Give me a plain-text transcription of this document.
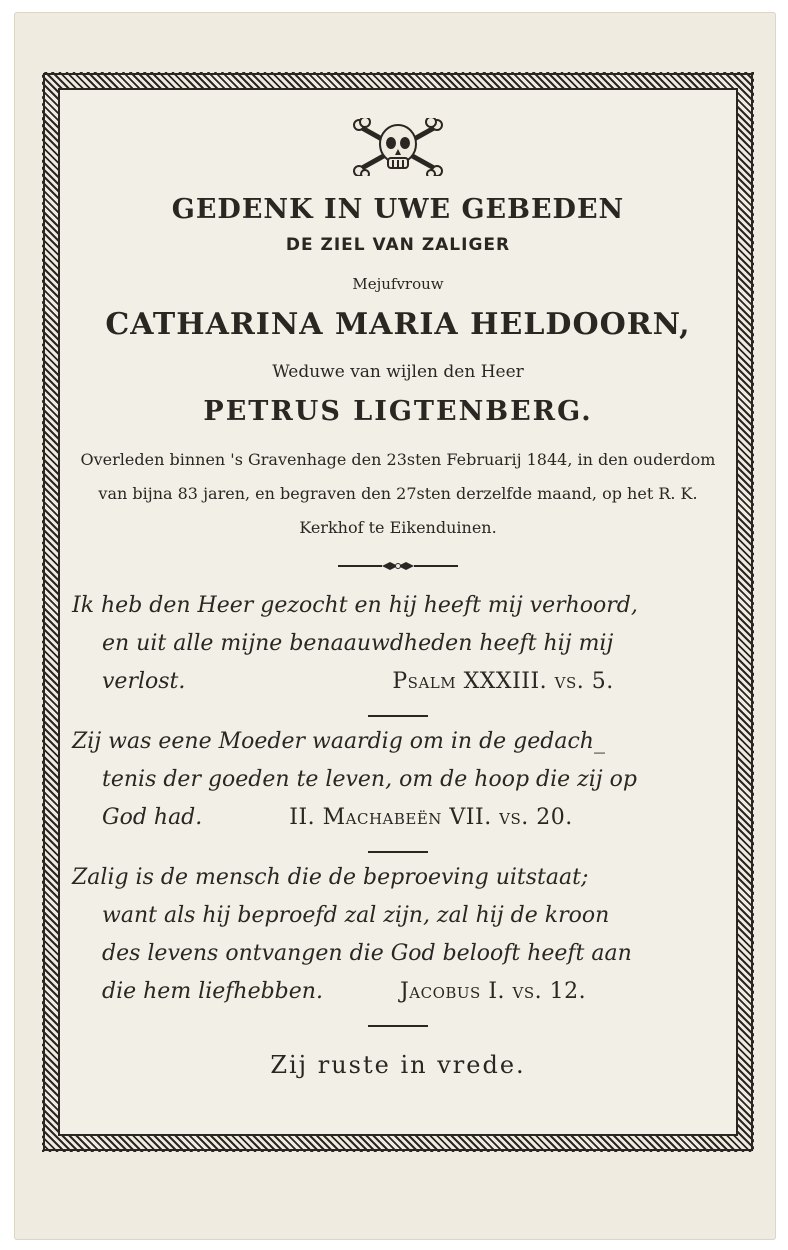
GEDENK IN UWE GEBEDEN
DE ZIEL VAN ZALIGER
Mejufvrouw
CATHARINA MARIA HELDOORN,
Weduwe van wijlen den Heer
PETRUS LIGTENBERG.
Overleden binnen 's Gravenhage den 23sten Februarij 1844, in den ouderdom van bijna 83 jaren, en begraven den 27sten derzelfde maand, op het R. K. Kerkhof te Eikenduinen.
Ik heb den Heer gezocht en hij heeft mij verhoord,
en uit alle mijne benaauwdheden heeft hij mij
verlost.	Psalm XXXIII. vs. 5.
Zij was eene Moeder waardig om in de gedach_
tenis der goeden te leven, om de hoop die zij op
God had.	II. Machabeën VII. vs. 20.
Zalig is de mensch die de beproeving uitstaat;
want als hij beproefd zal zijn, zal hij de kroon
des levens ontvangen die God belooft heeft aan
die hem liefhebben.	Jacobus I. vs. 12.
Zij ruste in vrede.
